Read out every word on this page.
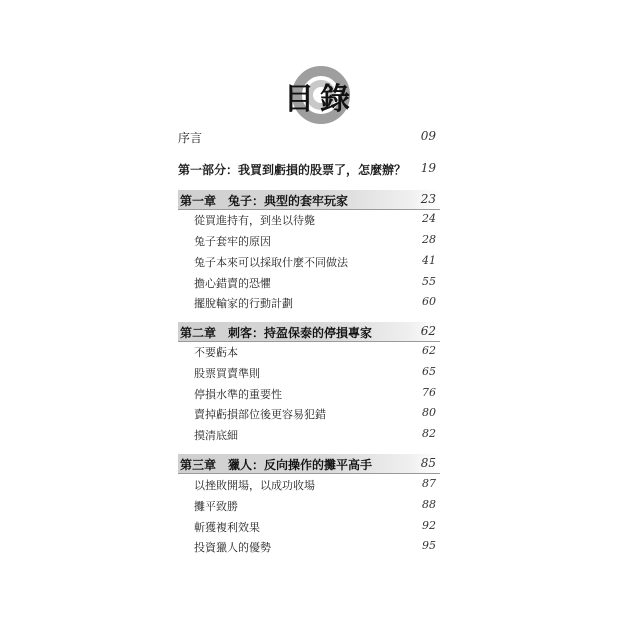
目錄
序言	09
第一部分：我買到虧損的股票了，怎麼辦？ 19
第一章　兔子：典型的套牢玩家	23
從買進持有，到坐以待斃	24
兔子套牢的原因	28
兔子本來可以採取什麼不同做法	41
擔心錯賣的恐懼	55
擺脫輸家的行動計劃	60
第二章　刺客：持盈保泰的停損專家	62
不要虧本	62
股票買賣準則	65
停損水準的重要性	76
賣掉虧損部位後更容易犯錯	80
摸清底細	82
第三章　獵人：反向操作的攤平高手	85
以挫敗開場，以成功收場	87
攤平致勝	88
斬獲複利效果	92
投資獵人的優勢	95
